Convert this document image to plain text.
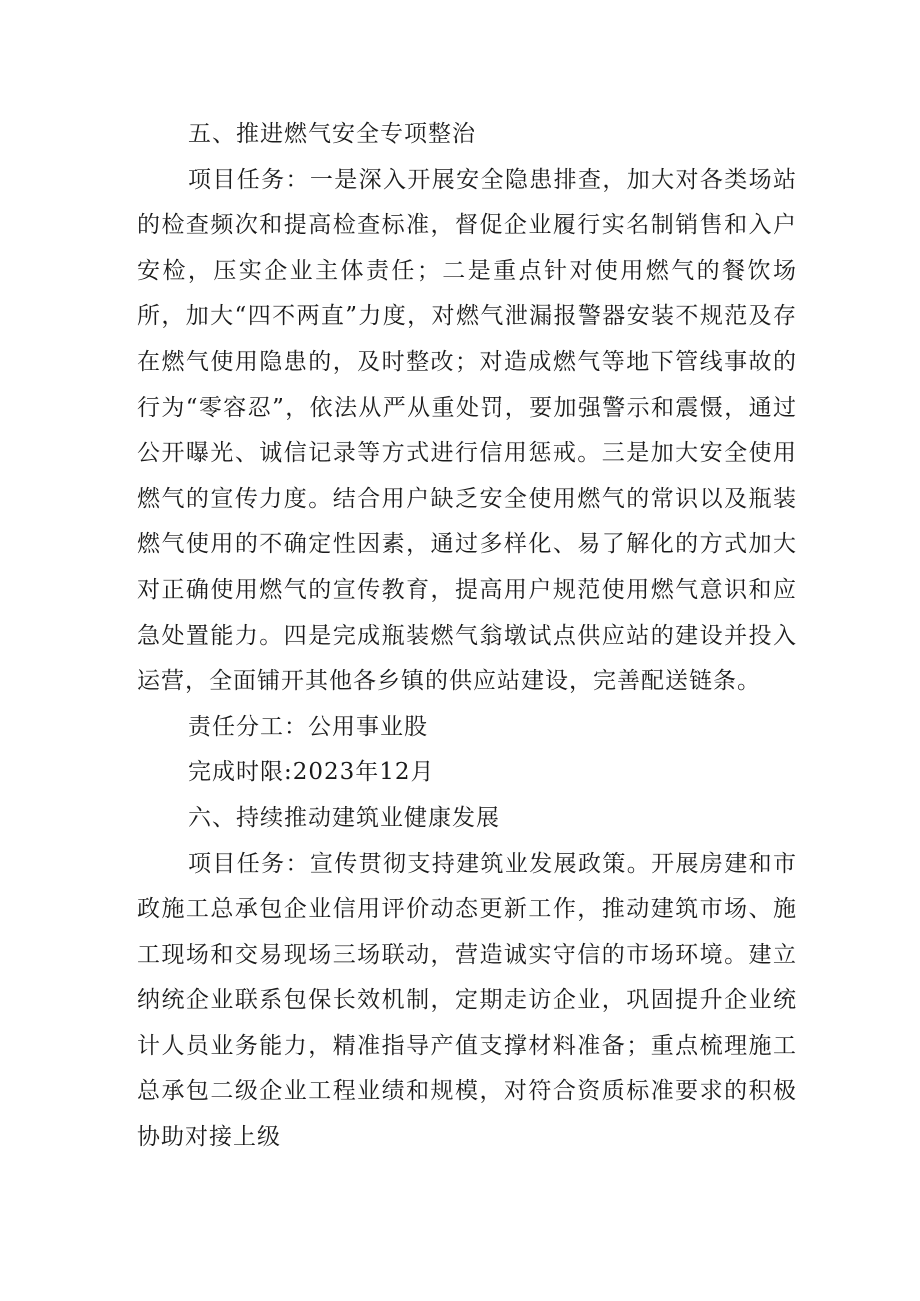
五、推进燃气安全专项整治

项目任务：一是深入开展安全隐患排查，加大对各类场站的检查频次和提高检查标准，督促企业履行实名制销售和入户安检，压实企业主体责任；二是重点针对使用燃气的餐饮场所，加大“四不两直”力度，对燃气泄漏报警器安装不规范及存在燃气使用隐患的，及时整改；对造成燃气等地下管线事故的行为“零容忍”，依法从严从重处罚，要加强警示和震慑，通过公开曝光、诚信记录等方式进行信用惩戒。三是加大安全使用燃气的宣传力度。结合用户缺乏安全使用燃气的常识以及瓶装燃气使用的不确定性因素，通过多样化、易了解化的方式加大对正确使用燃气的宣传教育，提高用户规范使用燃气意识和应急处置能力。四是完成瓶装燃气翁墩试点供应站的建设并投入运营，全面铺开其他各乡镇的供应站建设，完善配送链条。

责任分工：公用事业股

完成时限:2023年12月

六、持续推动建筑业健康发展

项目任务：宣传贯彻支持建筑业发展政策。开展房建和市政施工总承包企业信用评价动态更新工作，推动建筑市场、施工现场和交易现场三场联动，营造诚实守信的市场环境。建立纳统企业联系包保长效机制，定期走访企业，巩固提升企业统计人员业务能力，精准指导产值支撑材料准备；重点梳理施工总承包二级企业工程业绩和规模，对符合资质标准要求的积极协助对接上级
